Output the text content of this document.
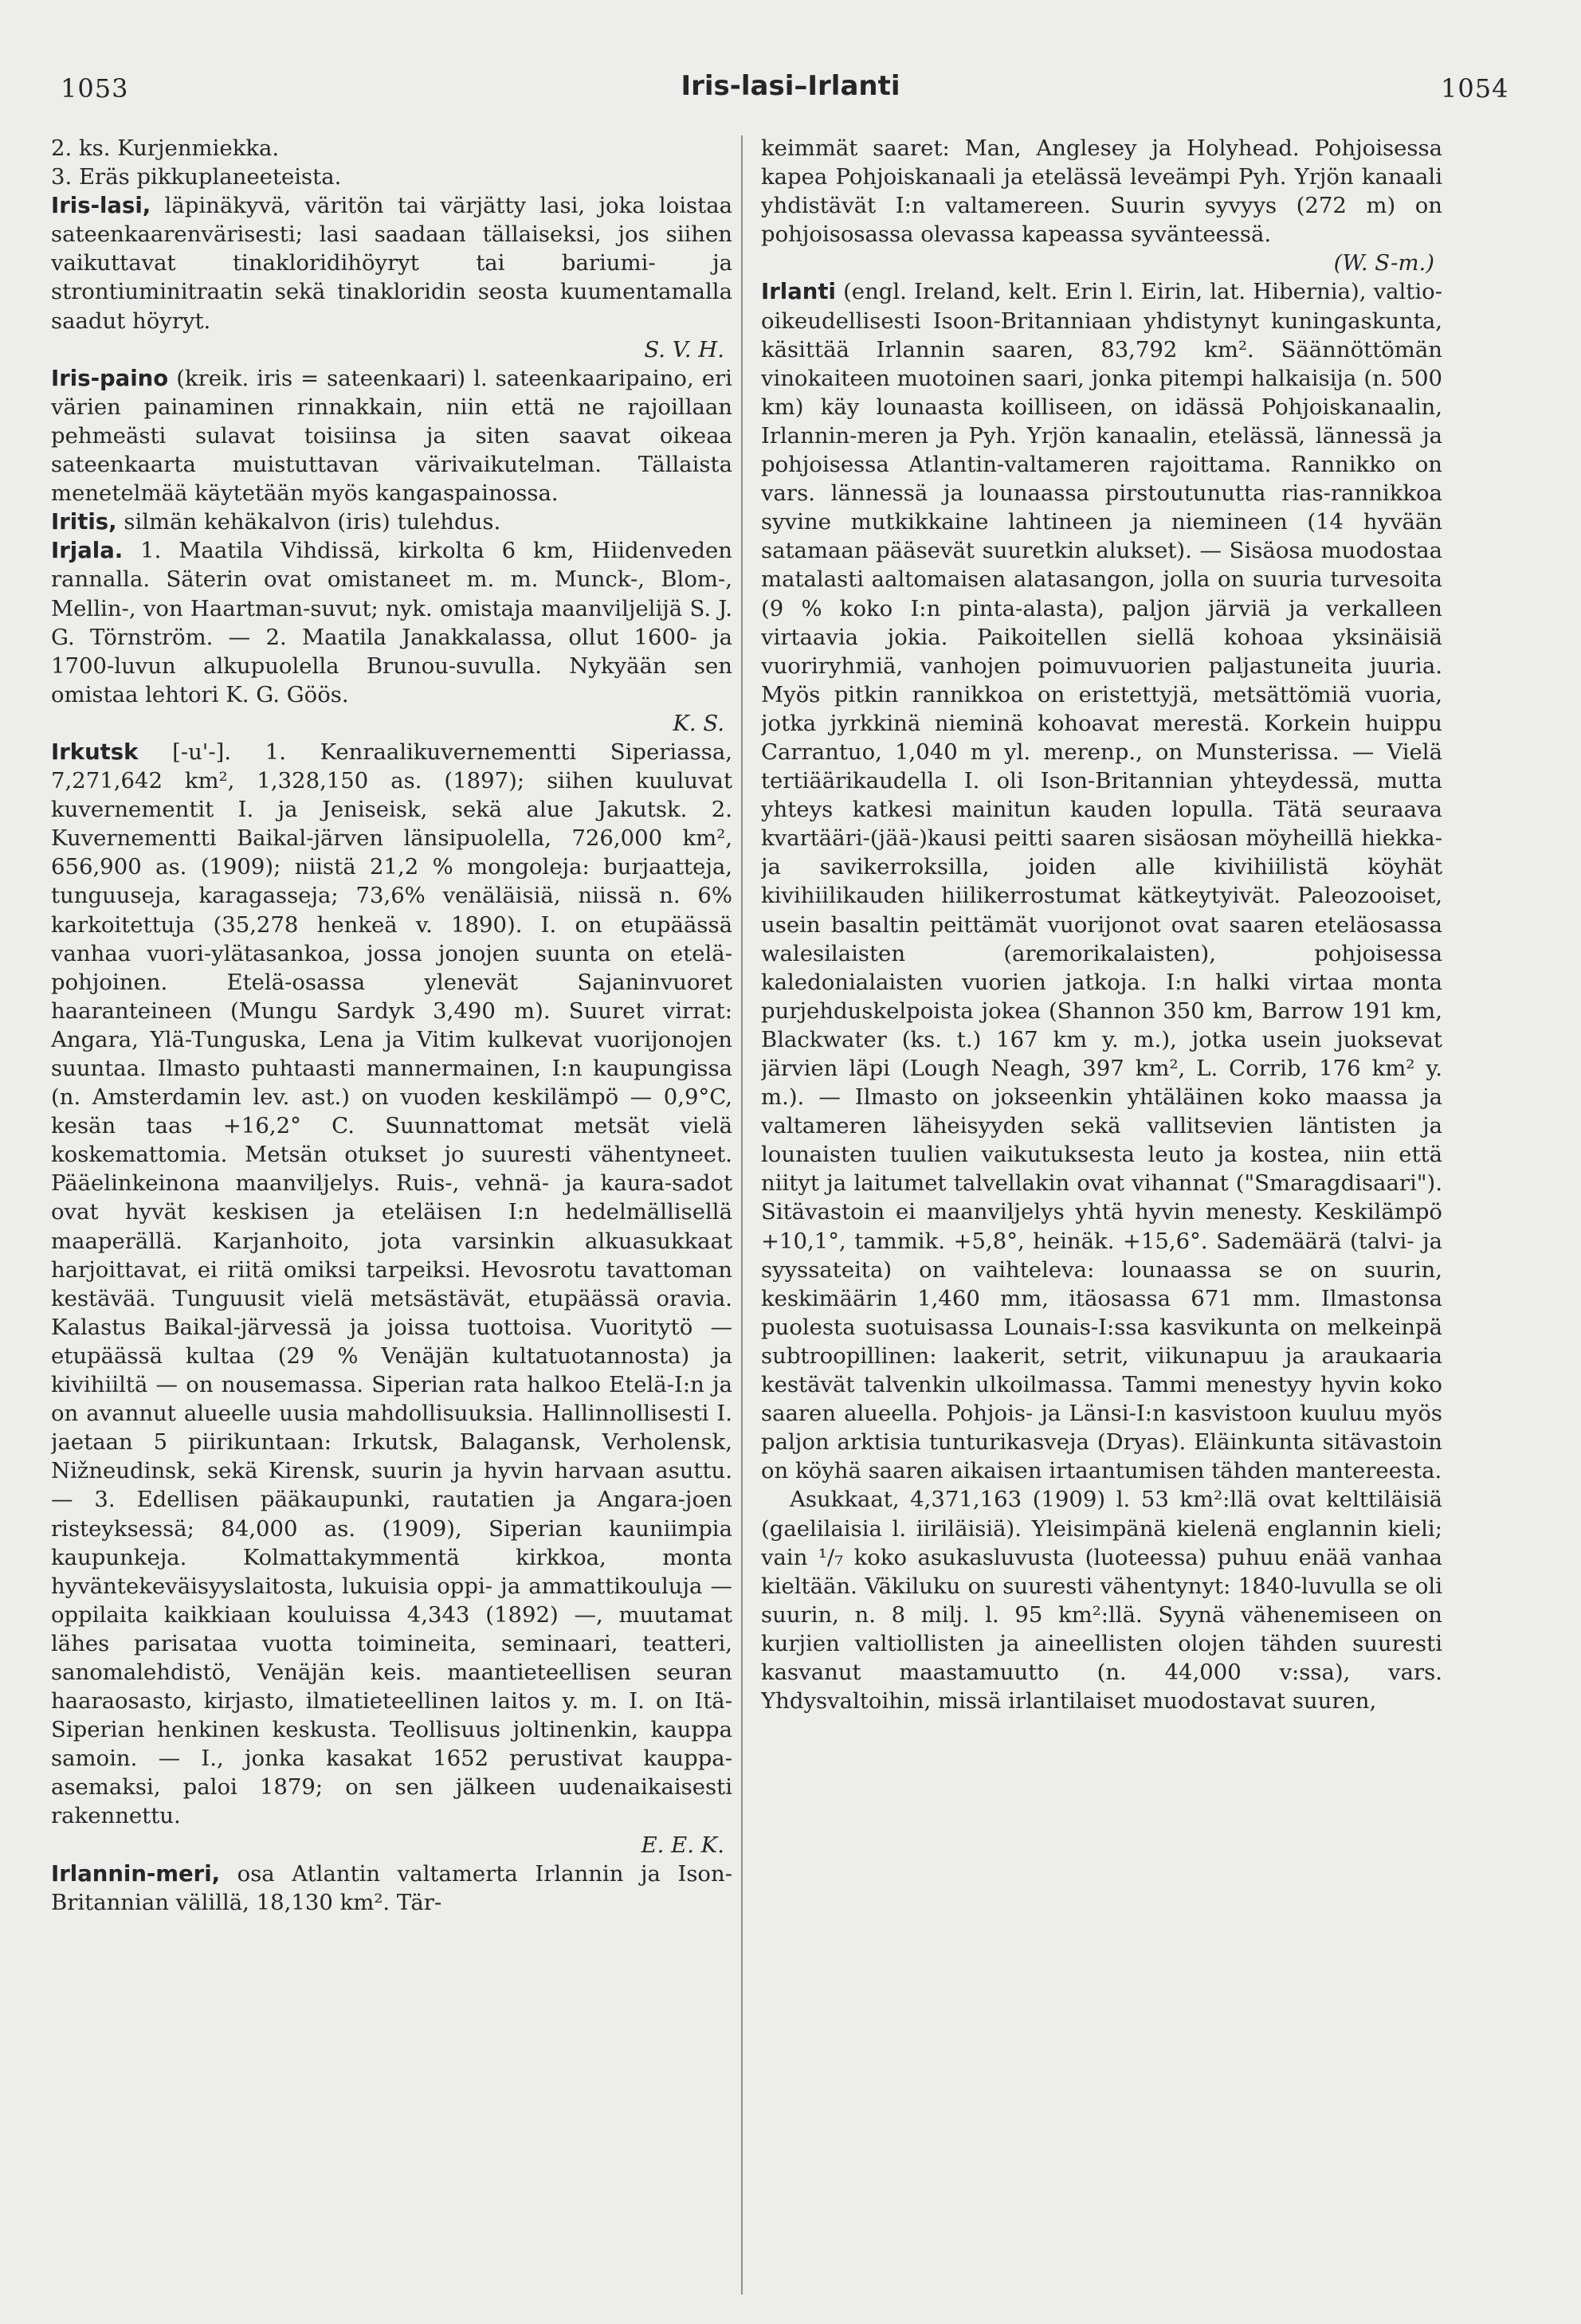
1053	Iris-lasi–Irlanti	1054

2. ks. Kurjenmiekka.

3. Eräs pikkuplaneeteista.

Iris-lasi, läpinäkyvä, väritön tai värjätty lasi, joka loistaa sateenkaarenvärisesti; lasi saadaan tällaiseksi, jos siihen vaikuttavat tinakloridihöyryt tai bariumi- ja strontiuminitraatin sekä tinakloridin seosta kuumentamalla saadut höyryt.
S. V. H.

Iris-paino (kreik. iris = sateenkaari) l. sateenkaaripaino, eri värien painaminen rinnakkain, niin että ne rajoillaan pehmeästi sulavat toisiinsa ja siten saavat oikeaa sateenkaarta muistuttavan värivaikutelman. Tällaista menetelmää käytetään myös kangaspainossa.

Iritis, silmän kehäkalvon (iris) tulehdus.

Irjala. 1. Maatila Vihdissä, kirkolta 6 km, Hiidenveden rannalla. Säterin ovat omistaneet m. m. Munck-, Blom-, Mellin-, von Haartman-suvut; nyk. omistaja maanviljelijä S. J. G. Törnström. — 2. Maatila Janakkalassa, ollut 1600- ja 1700-luvun alkupuolella Brunou-suvulla. Nykyään sen omistaa lehtori K. G. Göös.
K. S.

Irkutsk [-u'-]. 1. Kenraalikuvernementti Siperiassa, 7,271,642 km², 1,328,150 as. (1897); siihen kuuluvat kuvernementit I. ja Jeniseisk, sekä alue Jakutsk. 2. Kuvernementti Baikal-järven länsipuolella, 726,000 km², 656,900 as. (1909); niistä 21,2 % mongoleja: burjaatteja, tunguuseja, karagasseja; 73,6% venäläisiä, niissä n. 6% karkoitettuja (35,278 henkeä v. 1890). I. on etupäässä vanhaa vuori-ylätasankoa, jossa jonojen suunta on etelä-pohjoinen. Etelä-osassa ylenevät Sajaninvuoret haaranteineen (Mungu Sardyk 3,490 m). Suuret virrat: Angara, Ylä-Tunguska, Lena ja Vitim kulkevat vuorijonojen suuntaa. Ilmasto puhtaasti mannermainen, I:n kaupungissa (n. Amsterdamin lev. ast.) on vuoden keskilämpö — 0,9°C, kesän taas +16,2° C. Suunnattomat metsät vielä koskemattomia. Metsän otukset jo suuresti vähentyneet. Pääelinkeinona maanviljelys. Ruis-, vehnä- ja kaura-sadot ovat hyvät keskisen ja eteläisen I:n hedelmällisellä maaperällä. Karjanhoito, jota varsinkin alkuasukkaat harjoittavat, ei riitä omiksi tarpeiksi. Hevosrotu tavattoman kestävää. Tunguusit vielä metsästävät, etupäässä oravia. Kalastus Baikal-järvessä ja joissa tuottoisa. Vuoritytö — etupäässä kultaa (29 % Venäjän kultatuotannosta) ja kivihiiltä — on nousemassa. Siperian rata halkoo Etelä-I:n ja on avannut alueelle uusia mahdollisuuksia. Hallinnollisesti I. jaetaan 5 piirikuntaan: Irkutsk, Balagansk, Verholensk, Nižneudinsk, sekä Kirensk, suurin ja hyvin harvaan asuttu. — 3. Edellisen pääkaupunki, rautatien ja Angara-joen risteyksessä; 84,000 as. (1909), Siperian kauniimpia kaupunkeja. Kolmattakymmentä kirkkoa, monta hyväntekeväisyyslaitosta, lukuisia oppi- ja ammattikouluja — oppilaita kaikkiaan kouluissa 4,343 (1892) —, muutamat lähes parisataa vuotta toimineita, seminaari, teatteri, sanomalehdistö, Venäjän keis. maantieteellisen seuran haaraosasto, kirjasto, ilmatieteellinen laitos y. m. I. on Itä-Siperian henkinen keskusta. Teollisuus joltinenkin, kauppa samoin. — I., jonka kasakat 1652 perustivat kauppa-asemaksi, paloi 1879; on sen jälkeen uudenaikaisesti rakennettu.
E. E. K.

Irlannin-meri, osa Atlantin valtamerta Irlannin ja Ison-Britannian välillä, 18,130 km². Tär-

keimmät saaret: Man, Anglesey ja Holyhead. Pohjoisessa kapea Pohjoiskanaali ja etelässä leveämpi Pyh. Yrjön kanaali yhdistävät I:n valtamereen. Suurin syvyys (272 m) on pohjoisosassa olevassa kapeassa syvänteessä.
(W. S-m.)

Irlanti (engl. Ireland, kelt. Erin l. Eirin, lat. Hibernia), valtio-oikeudellisesti Isoon-Britanniaan yhdistynyt kuningaskunta, käsittää Irlannin saaren, 83,792 km². Säännöttömän vinokaiteen muotoinen saari, jonka pitempi halkaisija (n. 500 km) käy lounaasta koilliseen, on idässä Pohjoiskanaalin, Irlannin-meren ja Pyh. Yrjön kanaalin, etelässä, lännessä ja pohjoisessa Atlantin-valtameren rajoittama. Rannikko on vars. lännessä ja lounaassa pirstoutunutta rias-rannikkoa syvine mutkikkaine lahtineen ja niemineen (14 hyvään satamaan pääsevät suuretkin alukset). — Sisäosa muodostaa matalasti aaltomaisen alatasangon, jolla on suuria turvesoita (9 % koko I:n pinta-alasta), paljon järviä ja verkalleen virtaavia jokia. Paikoitellen siellä kohoaa yksinäisiä vuoriryhmiä, vanhojen poimuvuorien paljastuneita juuria. Myös pitkin rannikkoa on eristettyjä, metsättömiä vuoria, jotka jyrkkinä nieminä kohoavat merestä. Korkein huippu Carrantuo, 1,040 m yl. merenp., on Munsterissa. — Vielä tertiäärikaudella I. oli Ison-Britannian yhteydessä, mutta yhteys katkesi mainitun kauden lopulla. Tätä seuraava kvartääri-(jää-)kausi peitti saaren sisäosan möyheillä hiekka- ja savikerroksilla, joiden alle kivihiilistä köyhät kivihiilikauden hiilikerrostumat kätkeytyivät. Paleozooiset, usein basaltin peittämät vuorijonot ovat saaren eteläosassa walesilaisten (aremorikalaisten), pohjoisessa kaledonialaisten vuorien jatkoja. I:n halki virtaa monta purjehduskelpoista jokea (Shannon 350 km, Barrow 191 km, Blackwater (ks. t.) 167 km y. m.), jotka usein juoksevat järvien läpi (Lough Neagh, 397 km², L. Corrib, 176 km² y. m.). — Ilmasto on jokseenkin yhtäläinen koko maassa ja valtameren läheisyyden sekä vallitsevien läntisten ja lounaisten tuulien vaikutuksesta leuto ja kostea, niin että niityt ja laitumet talvellakin ovat vihannat ("Smaragdisaari"). Sitävastoin ei maanviljelys yhtä hyvin menesty. Keskilämpö +10,1°, tammik. +5,8°, heinäk. +15,6°. Sademäärä (talvi- ja syyssateita) on vaihteleva: lounaassa se on suurin, keskimäärin 1,460 mm, itäosassa 671 mm. Ilmastonsa puolesta suotuisassa Lounais-I:ssa kasvikunta on melkeinpä subtroopillinen: laakerit, setrit, viikunapuu ja araukaaria kestävät talvenkin ulkoilmassa. Tammi menestyy hyvin koko saaren alueella. Pohjois- ja Länsi-I:n kasvistoon kuuluu myös paljon arktisia tunturikasveja (Dryas). Eläinkunta sitävastoin on köyhä saaren aikaisen irtaantumisen tähden mantereesta.

Asukkaat, 4,371,163 (1909) l. 53 km²:llä ovat kelttiläisiä (gaelilaisia l. iiriläisiä). Yleisimpänä kielenä englannin kieli; vain ¹/₇ koko asukasluvusta (luoteessa) puhuu enää vanhaa kieltään. Väkiluku on suuresti vähentynyt: 1840-luvulla se oli suurin, n. 8 milj. l. 95 km²:llä. Syynä vähenemiseen on kurjien valtiollisten ja aineellisten olojen tähden suuresti kasvanut maastamuutto (n. 44,000 v:ssa), vars. Yhdysvaltoihin, missä irlantilaiset muodostavat suuren,
